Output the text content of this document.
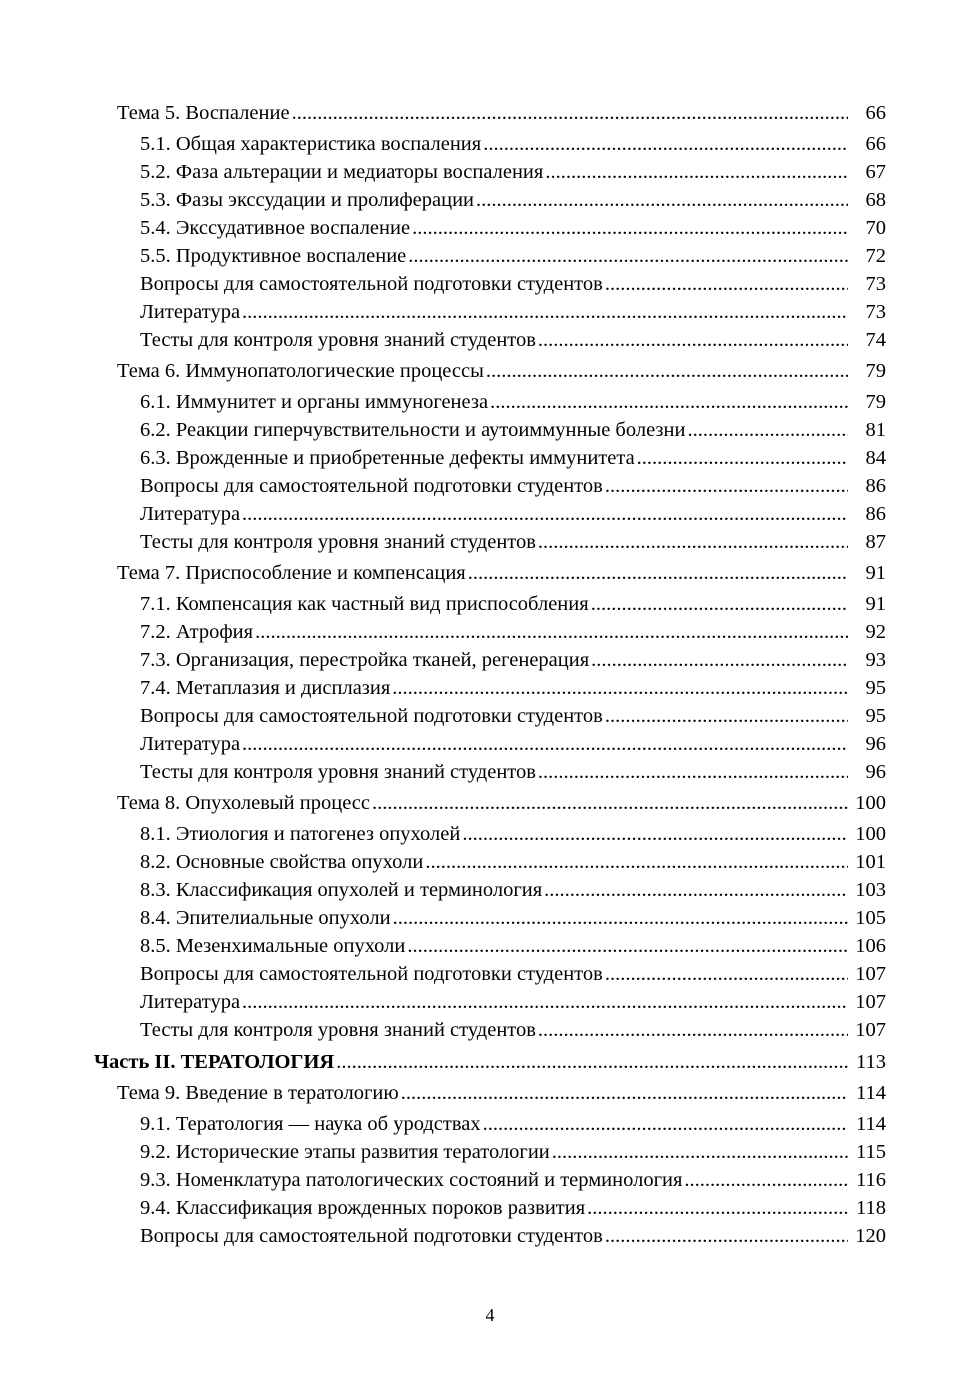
Тема 5. Воспаление .....	66
5.1. Общая характеристика воспаления .....	66
5.2. Фаза альтерации и медиаторы воспаления .....	67
5.3. Фазы экссудации и пролиферации .....	68
5.4. Экссудативное воспаление .....	70
5.5. Продуктивное воспаление .....	72
Вопросы для самостоятельной подготовки студентов .....	73
Литература .....	73
Тесты для контроля уровня знаний студентов .....	74
Тема 6. Иммунопатологические процессы .....	79
6.1. Иммунитет и органы иммуногенеза .....	79
6.2. Реакции гиперчувствительности и аутоиммунные болезни .....	81
6.3. Врожденные и приобретенные дефекты иммунитета .....	84
Вопросы для самостоятельной подготовки студентов .....	86
Литература .....	86
Тесты для контроля уровня знаний студентов .....	87
Тема 7. Приспособление и компенсация .....	91
7.1. Компенсация как частный вид приспособления .....	91
7.2. Атрофия .....	92
7.3. Организация, перестройка тканей, регенерация .....	93
7.4. Метаплазия и дисплазия .....	95
Вопросы для самостоятельной подготовки студентов .....	95
Литература .....	96
Тесты для контроля уровня знаний студентов .....	96
Тема 8. Опухолевый процесс .....	100
8.1. Этиология и патогенез опухолей .....	100
8.2. Основные свойства опухоли .....	101
8.3. Классификация опухолей и терминология .....	103
8.4. Эпителиальные опухоли .....	105
8.5. Мезенхимальные опухоли .....	106
Вопросы для самостоятельной подготовки студентов .....	107
Литература .....	107
Тесты для контроля уровня знаний студентов .....	107
Часть II. ТЕРАТОЛОГИЯ .....	113
Тема 9. Введение в тератологию .....	114
9.1. Тератология — наука об уродствах .....	114
9.2. Исторические этапы развития тератологии .....	115
9.3. Номенклатура патологических состояний и терминология .....	116
9.4. Классификация врожденных пороков развития .....	118
Вопросы для самостоятельной подготовки студентов .....	120
4
